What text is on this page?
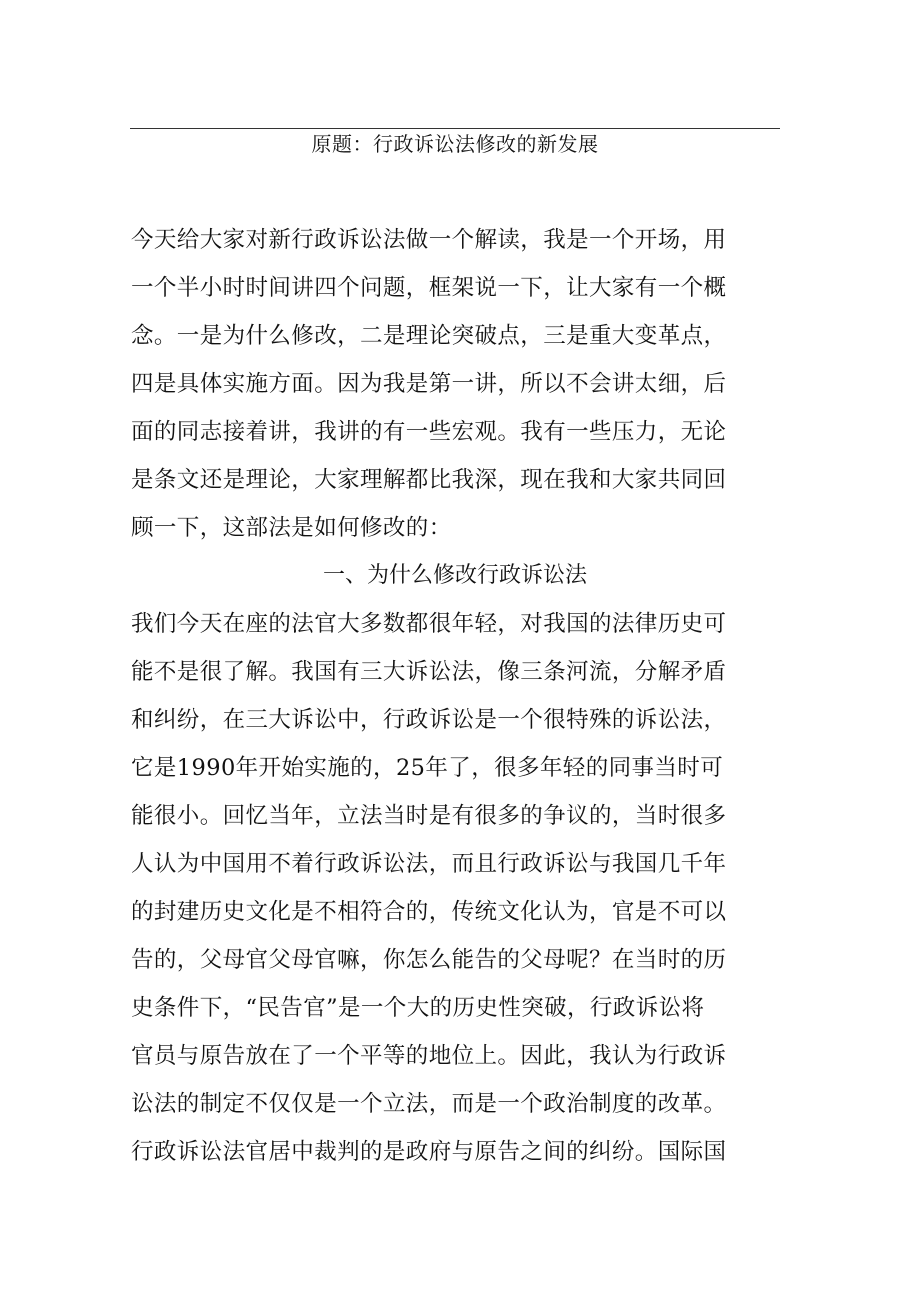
原题：行政诉讼法修改的新发展
今天给大家对新行政诉讼法做一个解读，我是一个开场，用
一个半小时时间讲四个问题，框架说一下，让大家有一个概
念。一是为什么修改，二是理论突破点，三是重大变革点，
四是具体实施方面。因为我是第一讲，所以不会讲太细，后
面的同志接着讲，我讲的有一些宏观。我有一些压力，无论
是条文还是理论，大家理解都比我深，现在我和大家共同回
顾一下，这部法是如何修改的：
一、为什么修改行政诉讼法
我们今天在座的法官大多数都很年轻，对我国的法律历史可
能不是很了解。我国有三大诉讼法，像三条河流，分解矛盾
和纠纷，在三大诉讼中，行政诉讼是一个很特殊的诉讼法，
它是1990年开始实施的，25年了，很多年轻的同事当时可
能很小。回忆当年，立法当时是有很多的争议的，当时很多
人认为中国用不着行政诉讼法，而且行政诉讼与我国几千年
的封建历史文化是不相符合的，传统文化认为，官是不可以
告的，父母官父母官嘛，你怎么能告的父母呢？在当时的历
史条件下，“民告官”是一个大的历史性突破，行政诉讼将
官员与原告放在了一个平等的地位上。因此，我认为行政诉
讼法的制定不仅仅是一个立法，而是一个政治制度的改革。
行政诉讼法官居中裁判的是政府与原告之间的纠纷。国际国
